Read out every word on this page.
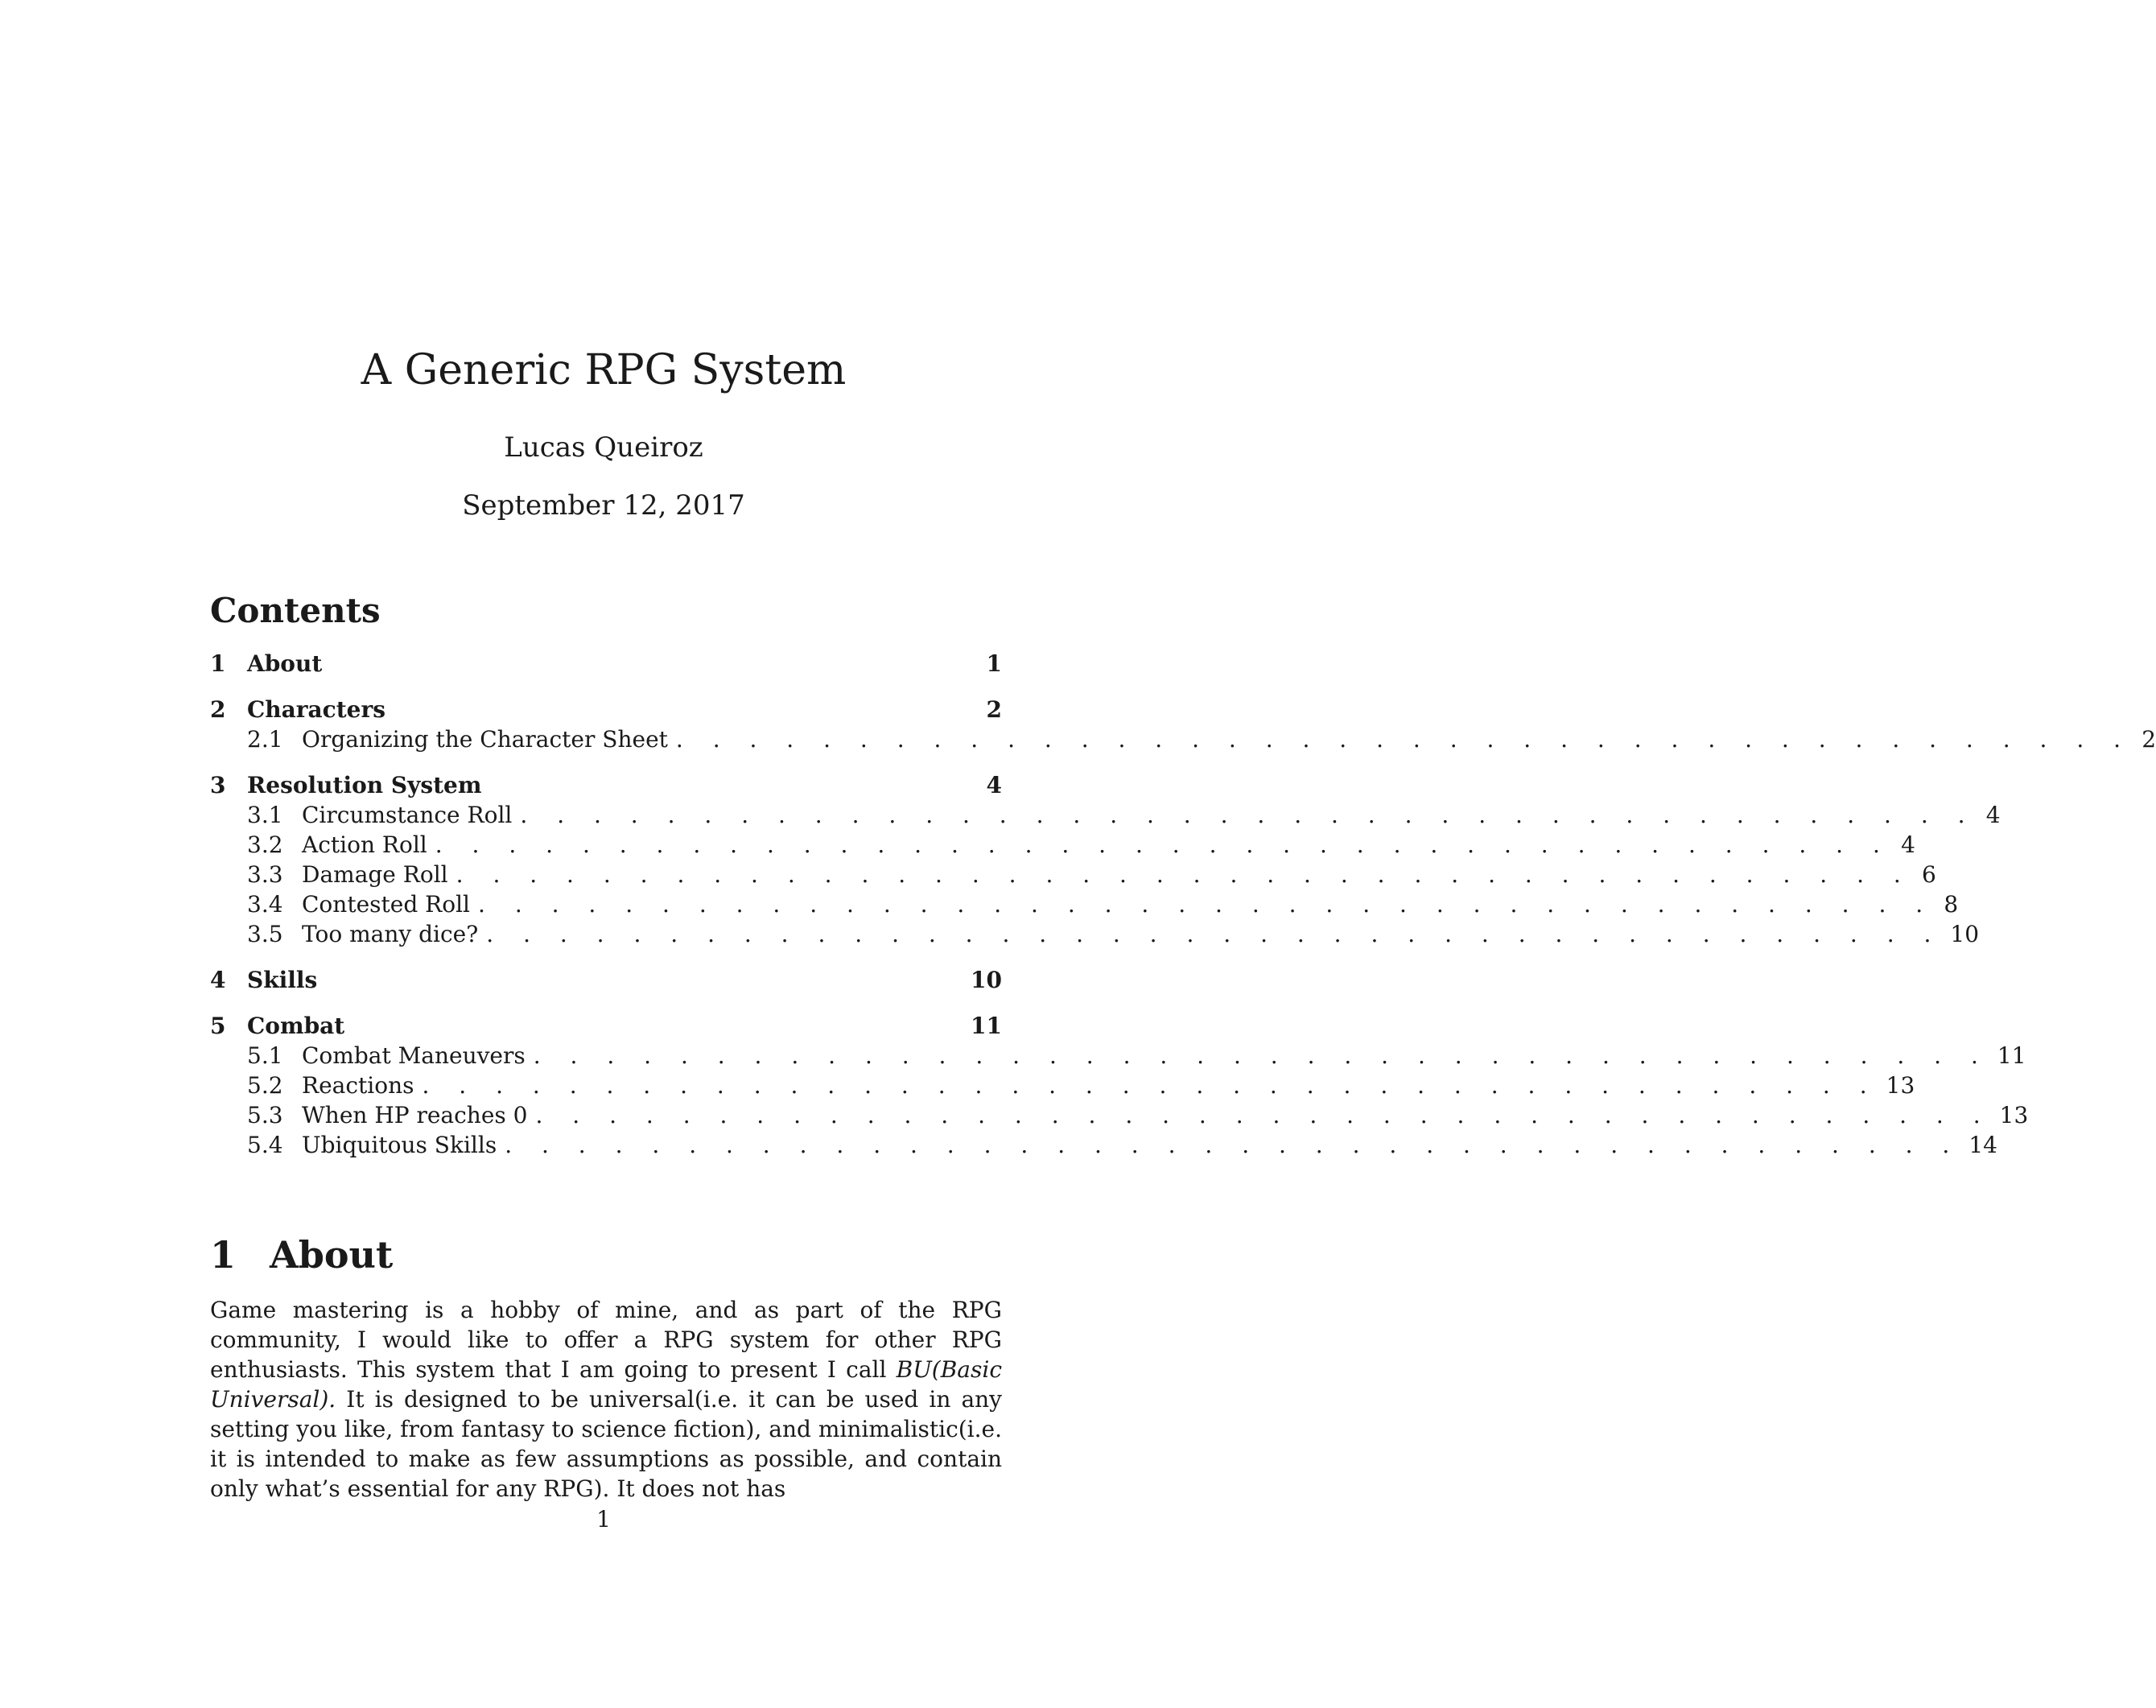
A Generic RPG System
Lucas Queiroz
September 12, 2017
Contents
1 About	1
2 Characters	2
2.1 Organizing the Character Sheet . . . . . . . . . . . . . . . . . . . . . . . . . . . . . . . . . . . . . . . . 2
3 Resolution System	4
3.1 Circumstance Roll . . . . . . . . . . . . . . . . . . . . . . . . . . . . . . . . . . . . . . . . 4
3.2 Action Roll . . . . . . . . . . . . . . . . . . . . . . . . . . . . . . . . . . . . . . . . 4
3.3 Damage Roll . . . . . . . . . . . . . . . . . . . . . . . . . . . . . . . . . . . . . . . . 6
3.4 Contested Roll . . . . . . . . . . . . . . . . . . . . . . . . . . . . . . . . . . . . . . . . 8
3.5 Too many dice? . . . . . . . . . . . . . . . . . . . . . . . . . . . . . . . . . . . . . . . . 10
4 Skills	10
5 Combat	11
5.1 Combat Maneuvers . . . . . . . . . . . . . . . . . . . . . . . . . . . . . . . . . . . . . . . . 11
5.2 Reactions . . . . . . . . . . . . . . . . . . . . . . . . . . . . . . . . . . . . . . . . 13
5.3 When HP reaches 0 . . . . . . . . . . . . . . . . . . . . . . . . . . . . . . . . . . . . . . . . 13
5.4 Ubiquitous Skills . . . . . . . . . . . . . . . . . . . . . . . . . . . . . . . . . . . . . . . . 14
1 About
Game mastering is a hobby of mine, and as part of the RPG community, I would like to offer a RPG system for other RPG enthusiasts. This system that I am going to present I call BU(Basic Universal). It is designed to be universal(i.e. it can be used in any setting you like, from fantasy to science fiction), and minimalistic(i.e. it is intended to make as few assumptions as possible, and contain only what’s essential for any RPG). It does not has
1
